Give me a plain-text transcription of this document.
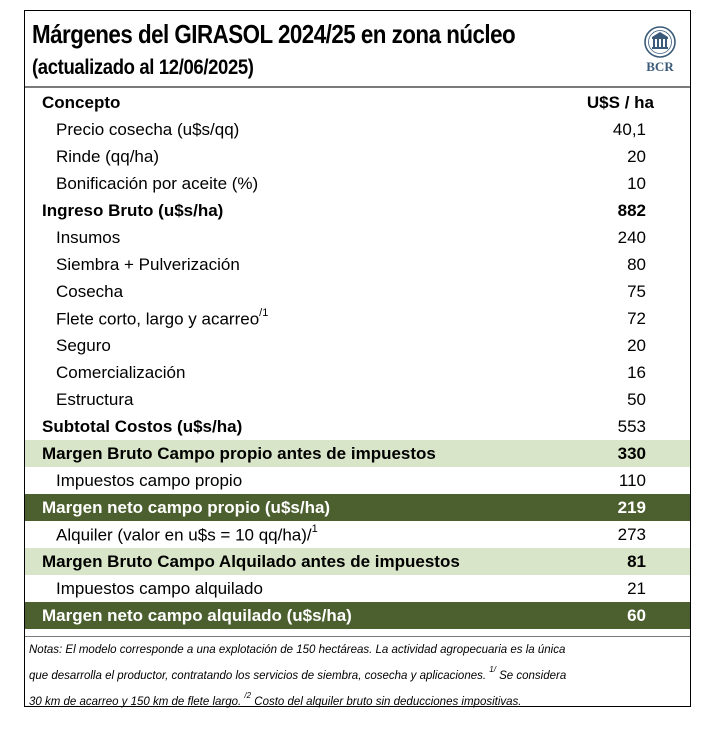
Márgenes del GIRASOL 2024/25 en zona núcleo
(actualizado al 12/06/2025)	BCR
Concepto	U$S / ha
Precio cosecha (u$s/qq)	40,1
Rinde (qq/ha)	20
Bonificación por aceite (%)	10
Ingreso Bruto (u$s/ha)	882
Insumos	240
Siembra + Pulverización	80
Cosecha	75
Flete corto, largo y acarreo$^{/1}$	72
Seguro	20
Comercialización	16
Estructura	50
Subtotal Costos (u$s/ha)	553
Margen Bruto Campo propio antes de impuestos	330
Impuestos campo propio	110
Margen neto campo propio (u$s/ha)	219
Alquiler (valor en u$s = 10 qq/ha)/$^1$	273
Margen Bruto Campo Alquilado antes de impuestos	81
Impuestos campo alquilado	21
Margen neto campo alquilado (u$s/ha)	60
Notas: El modelo corresponde a una explotación de 150 hectáreas. La actividad agropecuaria es la única
que desarrolla el productor, contratando los servicios de siembra, cosecha y aplicaciones. $^{1/}$ Se considera
30 km de acarreo y 150 km de flete largo. $^{/2}$ Costo del alquiler bruto sin deducciones impositivas.
